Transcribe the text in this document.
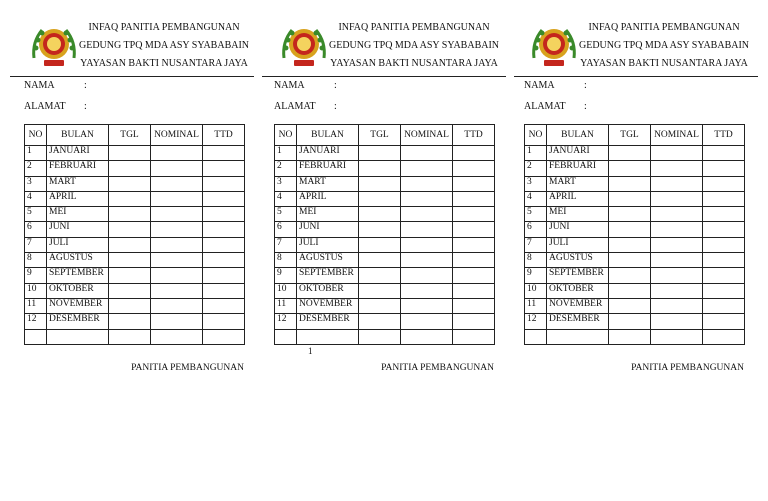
INFAQ PANITIA PEMBANGUNAN
GEDUNG TPQ MDA ASY SYABABAIN
YAYASAN BAKTI NUSANTARA JAYA
NAMA	:
ALAMAT :
NO	BULAN	TGL	NOMINAL	TTD
1	JANUARI			
2	FEBRUARI			
3	MART			
4	APRIL			
5	MEI			
6	JUNI			
7	JULI			
8	AGUSTUS			
9	SEPTEMBER			
10	OKTOBER			
11	NOVEMBER			
12	DESEMBER			

PANITIA PEMBANGUNAN
INFAQ PANITIA PEMBANGUNAN
GEDUNG TPQ MDA ASY SYABABAIN
YAYASAN BAKTI NUSANTARA JAYA
NAMA	:
ALAMAT :
NO	BULAN	TGL	NOMINAL	TTD
1	JANUARI			
2	FEBRUARI			
3	MART			
4	APRIL			
5	MEI			
6	JUNI			
7	JULI			
8	AGUSTUS			
9	SEPTEMBER			
10	OKTOBER			
11	NOVEMBER			
12	DESEMBER			

PANITIA PEMBANGUNAN
INFAQ PANITIA PEMBANGUNAN
GEDUNG TPQ MDA ASY SYABABAIN
YAYASAN BAKTI NUSANTARA JAYA
NAMA	:
ALAMAT :
NO	BULAN	TGL	NOMINAL	TTD
1	JANUARI			
2	FEBRUARI			
3	MART			
4	APRIL			
5	MEI			
6	JUNI			
7	JULI			
8	AGUSTUS			
9	SEPTEMBER			
10	OKTOBER			
11	NOVEMBER			
12	DESEMBER			

PANITIA PEMBANGUNAN
1
